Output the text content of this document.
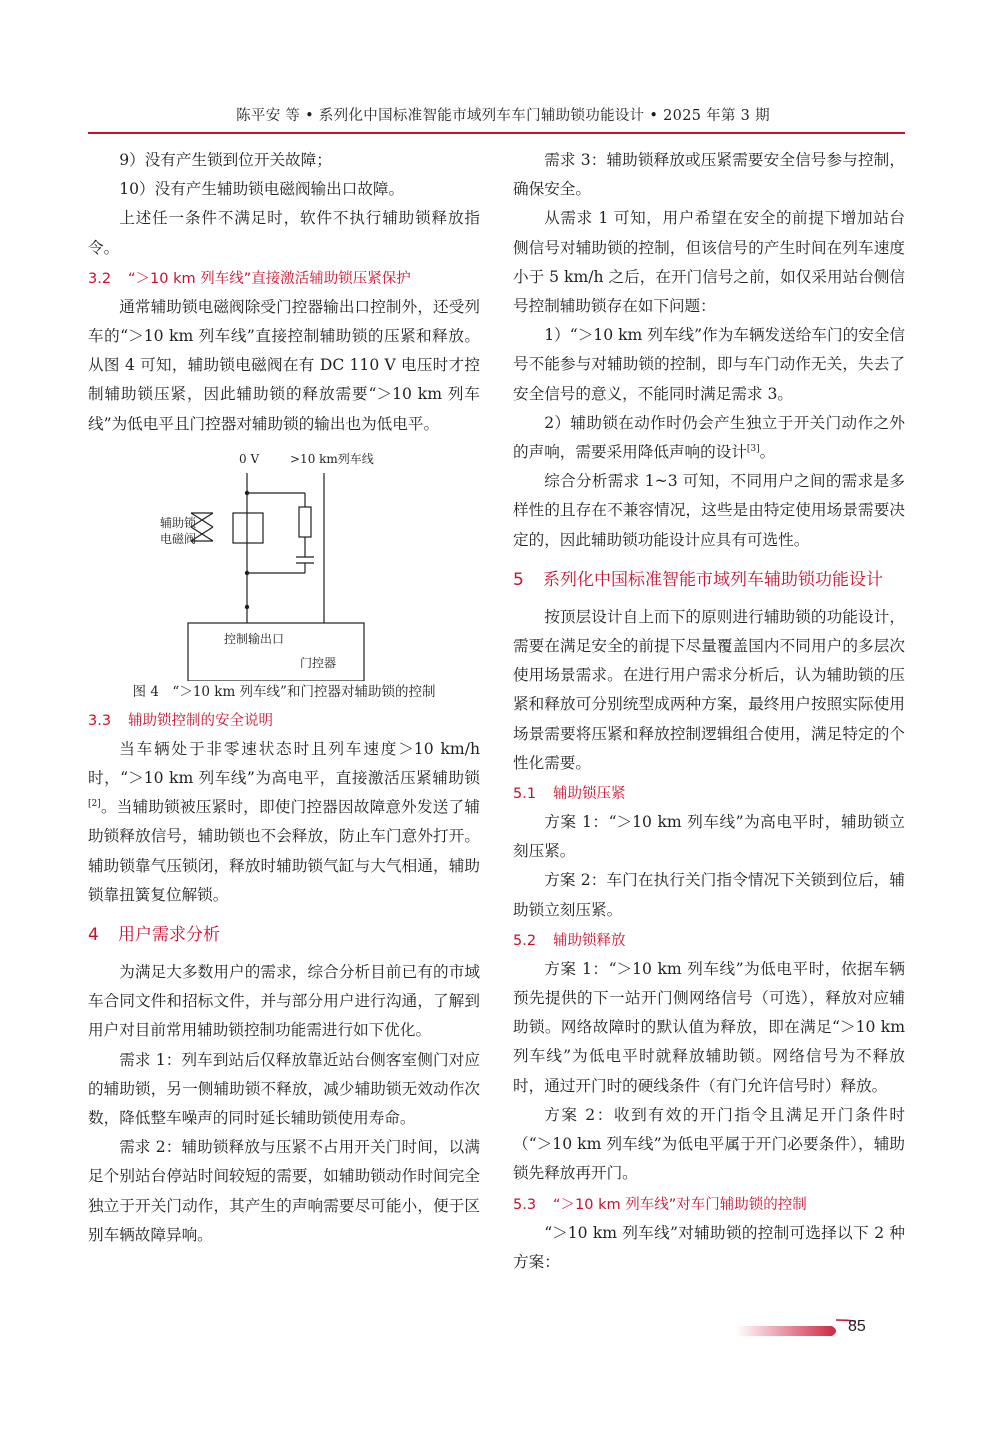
陈平安 等 • 系列化中国标准智能市域列车车门辅助锁功能设计 • 2025 年第 3 期

9）没有产生锁到位开关故障；

10）没有产生辅助锁电磁阀输出口故障。

上述任一条件不满足时，软件不执行辅助锁释放指令。

3.2 “＞10 km 列车线”直接激活辅助锁压紧保护

通常辅助锁电磁阀除受门控器输出口控制外，还受列车的“＞10 km 列车线”直接控制辅助锁的压紧和释放。从图 4 可知，辅助锁电磁阀在有 DC 110 V 电压时才控制辅助锁压紧，因此辅助锁的释放需要“＞10 km 列车线”为低电平且门控器对辅助锁的输出也为低电平。

0 V	>10 km列车线
辅助锁
电磁阀
控制输出口
门控器
图 4　“＞10 km 列车线”和门控器对辅助锁的控制
3.3 辅助锁控制的安全说明

当车辆处于非零速状态时且列车速度＞10 km/h 时，“＞10 km 列车线”为高电平，直接激活压紧辅助锁[2]。当辅助锁被压紧时，即使门控器因故障意外发送了辅助锁释放信号，辅助锁也不会释放，防止车门意外打开。辅助锁靠气压锁闭，释放时辅助锁气缸与大气相通，辅助锁靠扭簧复位解锁。

4 用户需求分析

为满足大多数用户的需求，综合分析目前已有的市域车合同文件和招标文件，并与部分用户进行沟通，了解到用户对目前常用辅助锁控制功能需进行如下优化。

需求 1：列车到站后仅释放靠近站台侧客室侧门对应的辅助锁，另一侧辅助锁不释放，减少辅助锁无效动作次数，降低整车噪声的同时延长辅助锁使用寿命。

需求 2：辅助锁释放与压紧不占用开关门时间，以满足个别站台停站时间较短的需要，如辅助锁动作时间完全独立于开关门动作，其产生的声响需要尽可能小，便于区别车辆故障异响。

需求 3：辅助锁释放或压紧需要安全信号参与控制，确保安全。

从需求 1 可知，用户希望在安全的前提下增加站台侧信号对辅助锁的控制，但该信号的产生时间在列车速度小于 5 km/h 之后，在开门信号之前，如仅采用站台侧信号控制辅助锁存在如下问题：

1）“＞10 km 列车线”作为车辆发送给车门的安全信号不能参与对辅助锁的控制，即与车门动作无关，失去了安全信号的意义，不能同时满足需求 3。

2）辅助锁在动作时仍会产生独立于开关门动作之外的声响，需要采用降低声响的设计[3]。

综合分析需求 1~3 可知，不同用户之间的需求是多样性的且存在不兼容情况，这些是由特定使用场景需要决定的，因此辅助锁功能设计应具有可选性。

5 系列化中国标准智能市域列车辅助锁功能设计

按顶层设计自上而下的原则进行辅助锁的功能设计，需要在满足安全的前提下尽量覆盖国内不同用户的多层次使用场景需求。在进行用户需求分析后，认为辅助锁的压紧和释放可分别统型成两种方案，最终用户按照实际使用场景需要将压紧和释放控制逻辑组合使用，满足特定的个性化需要。

5.1 辅助锁压紧

方案 1：“＞10 km 列车线”为高电平时，辅助锁立刻压紧。

方案 2：车门在执行关门指令情况下关锁到位后，辅助锁立刻压紧。

5.2 辅助锁释放

方案 1：“＞10 km 列车线”为低电平时，依据车辆预先提供的下一站开门侧网络信号（可选），释放对应辅助锁。网络故障时的默认值为释放，即在满足“＞10 km 列车线”为低电平时就释放辅助锁。网络信号为不释放时，通过开门时的硬线条件（有门允许信号时）释放。

方案 2：收到有效的开门指令且满足开门条件时（“＞10 km 列车线”为低电平属于开门必要条件），辅助锁先释放再开门。

5.3 “＞10 km 列车线”对车门辅助锁的控制

“＞10 km 列车线”对辅助锁的控制可选择以下 2 种方案：

85
